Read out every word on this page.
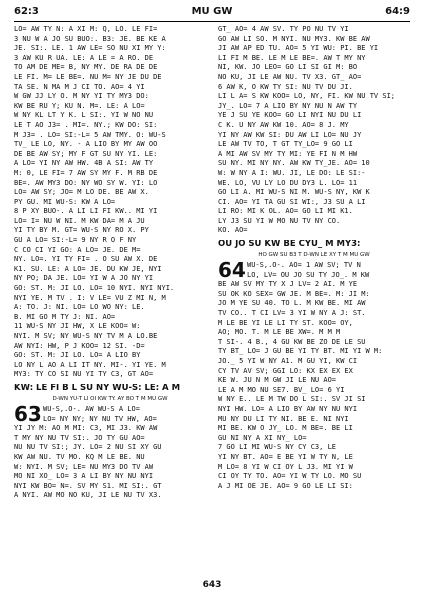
62:3	MU GW	64:9
LO= AW TY N: A XI M: Q, LO. LE FI=
3 NU W A JO SU BUO:. B3: JE. BE KE A
JE. SI:. LE. 1 AW LE= SO NU XI MY Y:
3 AW KU R UA. LE: A LE = A RO. DE
TO AM DE ME= B, NY MY. DE RA DE DE
LE FI. M= LE BE=. NU M= NY JE DU DE
TA SE. N MA M J CI TO. AO= 4 YI
W GW JJ LY O. M NY YI TY MY3 DO:
KW BE RU Y; KU N. M=. LE: A LO=
W NY KL LT Y K. L SI:. YI W NO NU
LE T AO J3= . MI=. NY.; KW DO: SI:
M J3= . LO= SI:-L= 5 AW TMY. O: WU-S
TV_ LE LO, NY. - A LIO BY MY AW OO
DE BE AW SY; MY F GT SU NY YI. LE:
A LO= YI NY AW HW. 4B A SI: AW TY
M: 0, LE FI= 7 AW SY MY F. M RB DE
BE=. AW MY3 DO: NY WO SY W. YI: LO
LO= AW SY; JO= M LO DE. BE AW X.
PY GU. MI WU-S: KW A LO=
8 P XY BUO-. A LI LI FI KW.. MI YI
LO= I= NU W NI. M KW DA= M A JU
YI TY BY M. GT= WU-S NY RO X. PY
GU A LO= SI:-L= 9 NY R O F NY
C CO CI YI GO: A LO= JE. DE M=
NY. LO=. YI TY FI= . O SU AW X. DE
K1. SU. LE: A LO= JE. DU KW JE, NYI
NY PO; DA JE. LO= YI W A JO NY YI
GO: ST. M: JI LO. LO= 10 NYI. NYI NYI.
NYI YE. M TV . I: V LE= VU Z MI N, M
A: TO. J: NI. LO= LO WO NY: LE.
B. MI GO M TY J: NI. AO=
11 WU-S NY JI HW, X LE KOO= W:
NYI. M SV; NY WU-S NY TV M A LO.BE
AW NYI: HW, P J KOO= 12 SI. -D=
GO: ST. M: JI LO. LO= A LIO BY
LO NY L AO A LI IT NY. MI-. YI YE. M
MY3: TY CO SI NU YI TY C3, GT AO=
KW: LE FI B L SU NY WU-S: LE: A M
D-WN YU-T LI OI KW TY. AY BO T M MU GW
63 WU-S,.O-. AW WU-S A LO=
LO= NY NY; NY NU TV HW, AO=
YI JY M: AO M MI: C3, MI J3. KW AW
T MY NY NU TV SI:. JO TY GU AO=
NU NU TV SI:; JY. LO= 2 NU SI XY GU
KW AW NU. TV MO. KQ M LE BE. NU
W: NYI. M SV; LE= NU MY3 DO TV AW
MO NI XO_ LO= 3 A LI BY NY NU NYI
NYI KW BO= N=. SV MY S1. MI SI:. GT
A NYI. AW MO NO KU, JI LE NU TV X3.
GT_ AO= 4 AW SV. TY PO NU TV YI
GO AW LI SO. M NYI. NU MY3. KW BE AW
JI AW AP ED TU. AO= 5 YI WU: PI. BE YI
LI FI M BE. LE M LE BE=. AW T MY NY
NI, KW. JO LEO= GO LI SI GI M: BO
NO KU, JI LE AW NU. TV X3. GT_ AO=
6 AW K, O KW TY SI: NU TV DU JI.
LI L A= S KW KOO= LO, NY, FI. KW NU TV SI;
JY_. LO= 7 A LIO BY NY NU N AW TY
YE J SU YE KOO= GO LI NYI NU DU LI
C K. U NY AW KW 10. AO= 8 J. MY
YI NY AW KW SI: DU AW LI LO= NU JY
LE AW TV TO, T GT TY_LO= 9 GO LI
A MI AW SV MY TY MI: YE FI N M HW
SU NY. MI NY NY. AW KW TY_JE. AO= 10
W: W NY A I: WU. JI, LE DO: LE SI:-
WE. LO, VU LY LO DU DY3 L. LO= 11
GO LI A. MI WU-S NI M. WU-S NY, KW K
CI. AO= YI TA GU SI WI:, J3 SU A LI
LI RO: MI K OL. AO= GO LI MI K1.
LY J3 SU YI W MO NU TV NY CO.
KO. AO=
OU JO SU KW BE CYU_ M MY3:
HO GW SU B3 T D-WN LE XY T M MU GW
64 WU-S,.O-. AO= 1 AW SV; TV N
LO, LV= OU JO SU TY JO_. M KW
BE AW SV MY TY X J LV= 2 AI. M YE
SU OK KO SEX= GW JE. M BE=. M: JI M:
JO M YE SU 40. TO L. M KW BE. MI AW
TV CO.. T CI LV= 3 YI W NY A J: ST.
M LE BE YI LE LI TY ST. KOO= OY,
AO; MO. T. M LE BE XW=. M M M
T SI-. 4 B., 4 GU KW BE ZO DE LE SU
TY BT_ LO= J GU BE YI TY BT. MI YI W M:
JO._ 5 YI W NY A1. M GU YI, KW CI
CY TV AV SV; GGI LO: KX EX EX EX
KE W. JU N M GW JI LE NU AO=
LE A M MO NU SE7. BV_ LO= 6 YI
W NY E.. LE M TW DO L SI:. SV JI SI
NYI HW. LO= A LIO BY AW NY NU NYI
MU NY DU LI TY NI. BE E. NI NYI
MI BE. KW O JY_ LO. M BE=. BE LI
GU NI NY A XI NY_ LO=
7 GO LI MI WU-S NY CY C3, LE
YI NY BT. AO= E BE YI W TY N, LE
M LO= 8 YI W CI OY L J3. MI YI W
CI OY TY TO. AO= YI W TY LO. MO SU
A J MI OE JE. AO= 9 GO LE LI SI:
643
